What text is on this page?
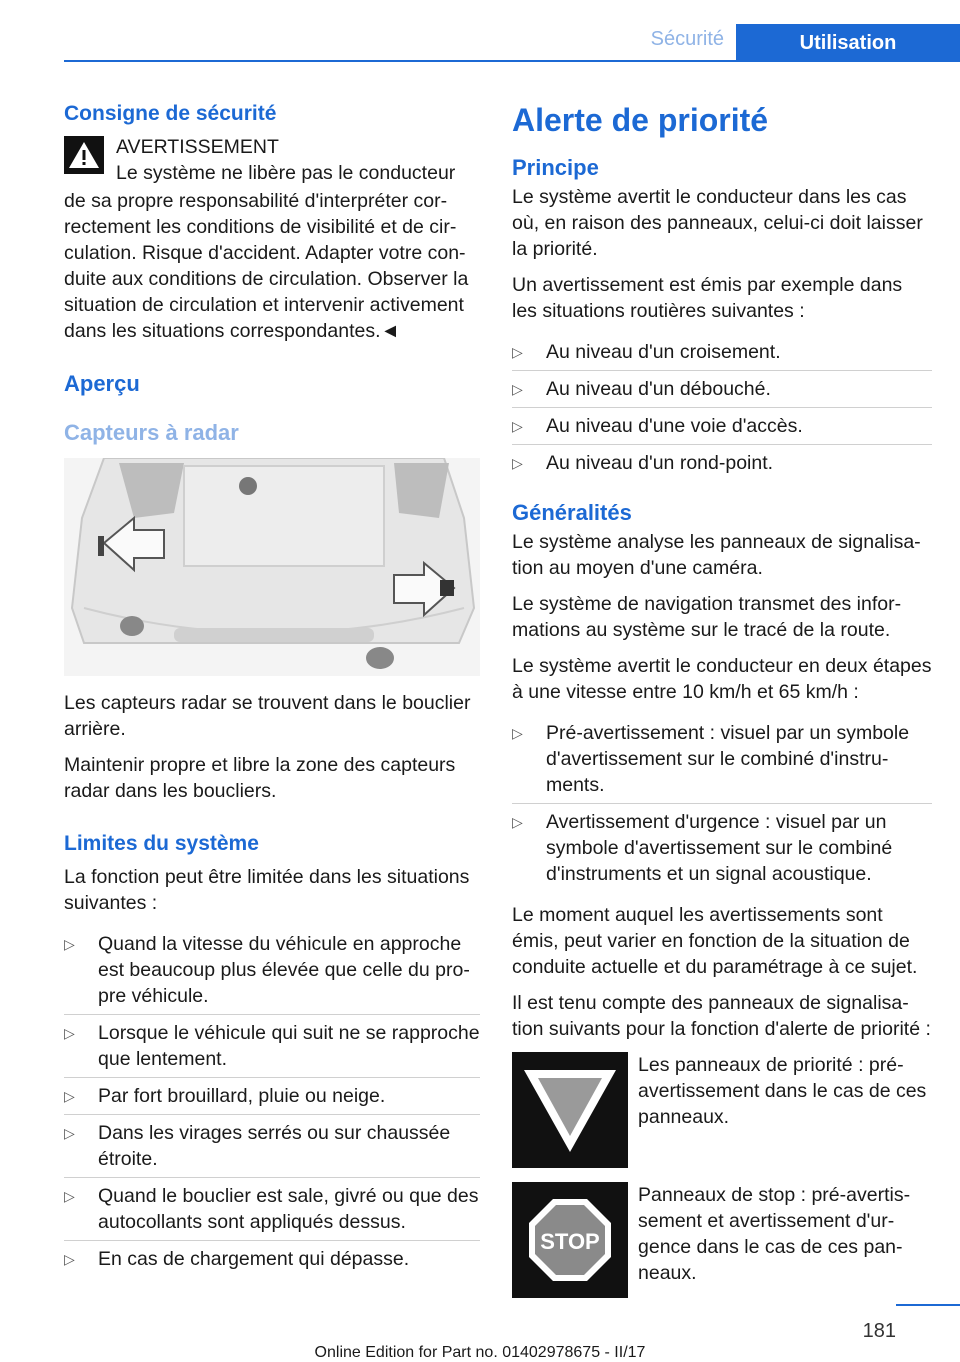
Sécurité	Utilisation
Consigne de sécurité
AVERTISSEMENT
Le système ne libère pas le conducteur

de sa propre responsabilité d'interpréter correctement les conditions de visibilité et de circulation. Risque d'accident. Adapter votre conduite aux conditions de circulation. Observer la situation de circulation et intervenir activement dans les situations correspondantes.◄

Aperçu
Capteurs à radar

Les capteurs radar se trouvent dans le bouclier arrière.

Maintenir propre et libre la zone des capteurs radar dans les boucliers.

Limites du système

La fonction peut être limitée dans les situations suivantes :

▷ Quand la vitesse du véhicule en approche est beaucoup plus élevée que celle du propre véhicule.
▷ Lorsque le véhicule qui suit ne se rapproche que lentement.
▷ Par fort brouillard, pluie ou neige.
▷ Dans les virages serrés ou sur chaussée étroite.
▷ Quand le bouclier est sale, givré ou que des autocollants sont appliqués dessus.
▷ En cas de chargement qui dépasse.
Alerte de priorité
Principe

Le système avertit le conducteur dans les cas où, en raison des panneaux, celui-ci doit laisser la priorité.

Un avertissement est émis par exemple dans les situations routières suivantes :

▷ Au niveau d'un croisement.
▷ Au niveau d'un débouché.
▷ Au niveau d'une voie d'accès.
▷ Au niveau d'un rond-point.
Généralités

Le système analyse les panneaux de signalisation au moyen d'une caméra.

Le système de navigation transmet des informations au système sur le tracé de la route.

Le système avertit le conducteur en deux étapes à une vitesse entre 10 km/h et 65 km/h :

▷ Pré-avertissement : visuel par un symbole d'avertissement sur le combiné d'instruments.
▷ Avertissement d'urgence : visuel par un symbole d'avertissement sur le combiné d'instruments et un signal acoustique.

Le moment auquel les avertissements sont émis, peut varier en fonction de la situation de conduite actuelle et du paramétrage à ce sujet.

Il est tenu compte des panneaux de signalisation suivants pour la fonction d'alerte de priorité :

Les panneaux de priorité : pré-avertissement dans le cas de ces panneaux.
STOP
Panneaux de stop : pré-avertissement et avertissement d'urgence dans le cas de ces panneaux.
181
Online Edition for Part no. 01402978675 - II/17
